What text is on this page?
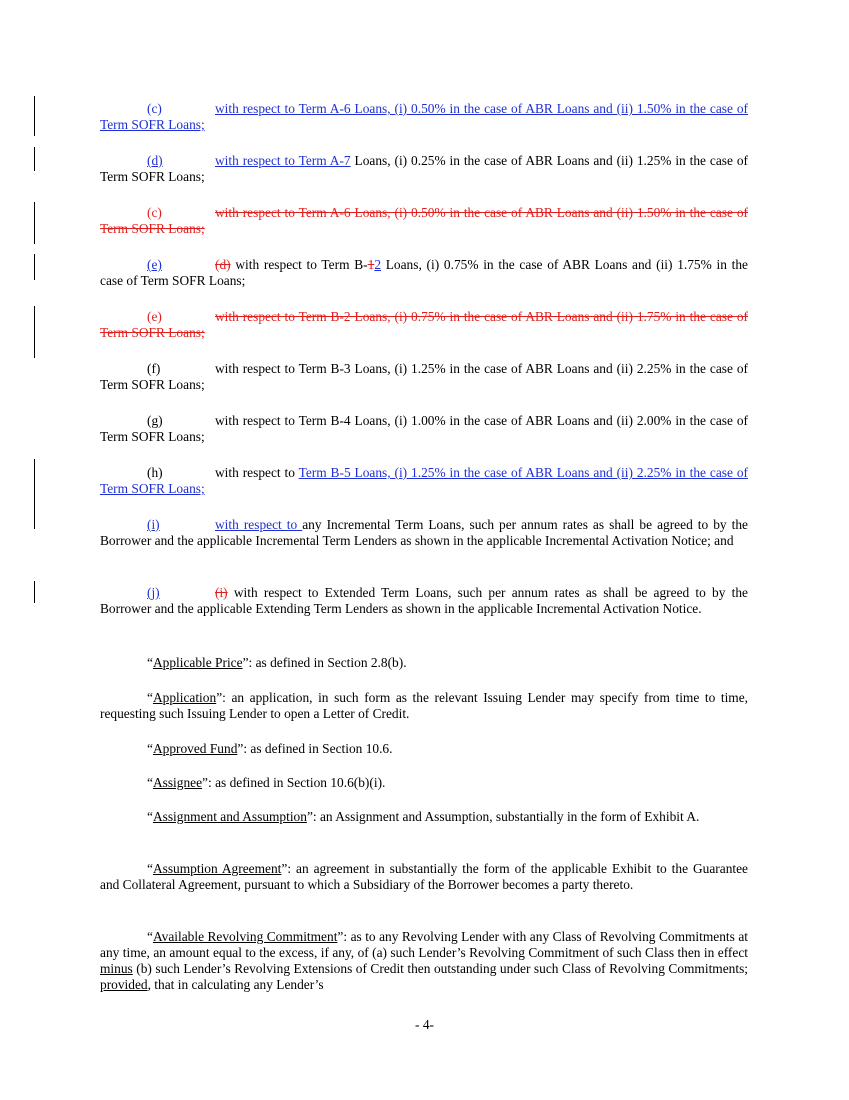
(c)	with respect to Term A-6 Loans, (i) 0.50% in the case of ABR Loans and (ii) 1.50% in the case of Term SOFR Loans;

(d)	with respect to Term A-7 Loans, (i) 0.25% in the case of ABR Loans and (ii) 1.25% in the case of Term SOFR Loans;

(c)	with respect to Term A-6 Loans, (i) 0.50% in the case of ABR Loans and (ii) 1.50% in the case of Term SOFR Loans;

(e)	(d) with respect to Term B-12 Loans, (i) 0.75% in the case of ABR Loans and (ii) 1.75% in the case of Term SOFR Loans;

(e)	with respect to Term B-2 Loans, (i) 0.75% in the case of ABR Loans and (ii) 1.75% in the case of Term SOFR Loans;

(f)	with respect to Term B-3 Loans, (i) 1.25% in the case of ABR Loans and (ii) 2.25% in the case of Term SOFR Loans;

(g)	with respect to Term B-4 Loans, (i) 1.00% in the case of ABR Loans and (ii) 2.00% in the case of Term SOFR Loans;

(h)	with respect to Term B-5 Loans, (i) 1.25% in the case of ABR Loans and (ii) 2.25% in the case of Term SOFR Loans;

(i)	with respect to any Incremental Term Loans, such per annum rates as shall be agreed to by the Borrower and the applicable Incremental Term Lenders as shown in the applicable Incremental Activation Notice; and

(j)	(i) with respect to Extended Term Loans, such per annum rates as shall be agreed to by the Borrower and the applicable Extending Term Lenders as shown in the applicable Incremental Activation Notice.

“Applicable Price”: as defined in Section 2.8(b).

“Application”: an application, in such form as the relevant Issuing Lender may specify from time to time, requesting such Issuing Lender to open a Letter of Credit.

“Approved Fund”: as defined in Section 10.6.

“Assignee”: as defined in Section 10.6(b)(i).

“Assignment and Assumption”: an Assignment and Assumption, substantially in the form of Exhibit A.

“Assumption Agreement”: an agreement in substantially the form of the applicable Exhibit to the Guarantee and Collateral Agreement, pursuant to which a Subsidiary of the Borrower becomes a party thereto.

“Available Revolving Commitment”: as to any Revolving Lender with any Class of Revolving Commitments at any time, an amount equal to the excess, if any, of (a) such Lender’s Revolving Commitment of such Class then in effect minus (b) such Lender’s Revolving Extensions of Credit then outstanding under such Class of Revolving Commitments; provided, that in calculating any Lender’s

- 4-
